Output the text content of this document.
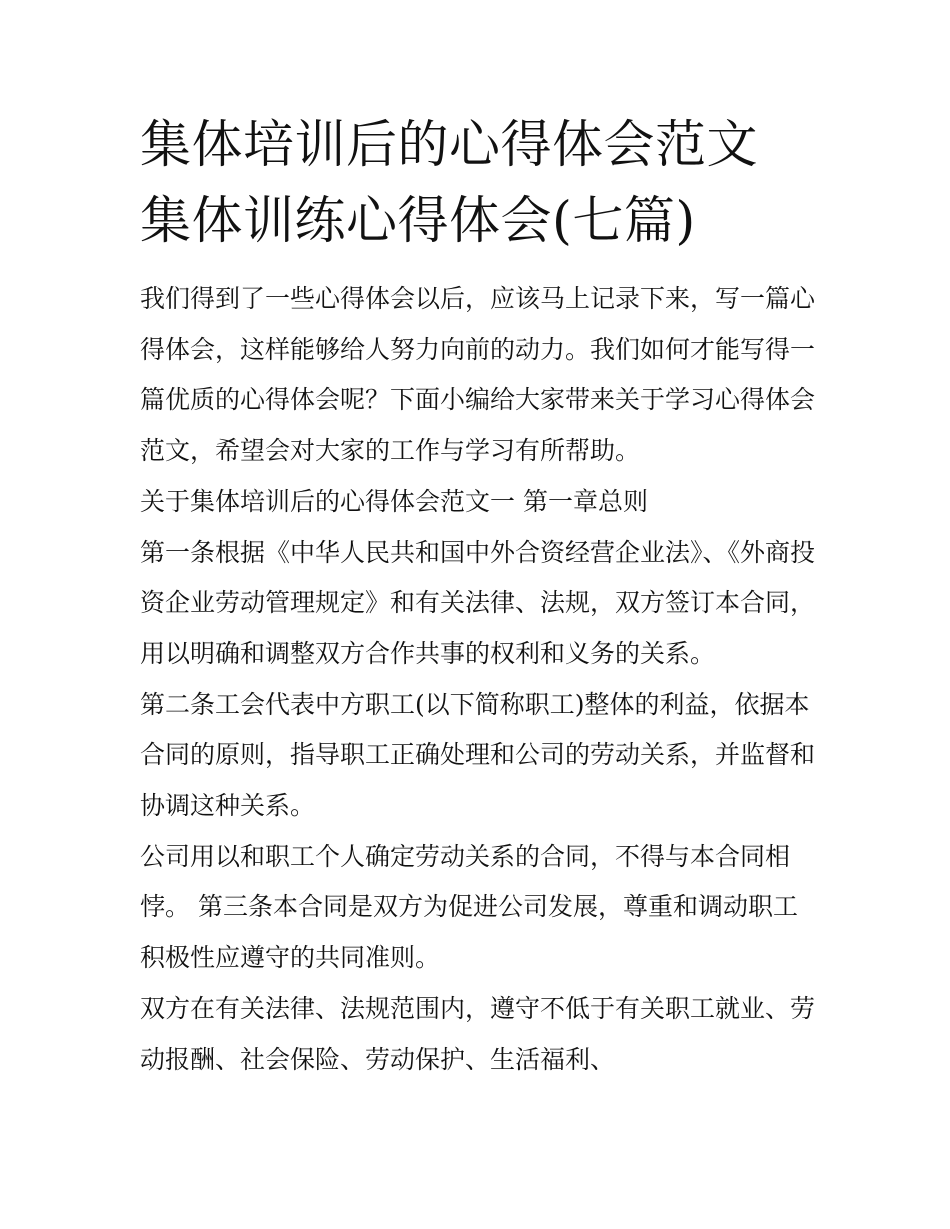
集体培训后的心得体会范文 集体训练心得体会(七篇)

我们得到了一些心得体会以后，应该马上记录下来，写一篇心得体会，这样能够给人努力向前的动力。我们如何才能写得一篇优质的心得体会呢？下面小编给大家带来关于学习心得体会范文，希望会对大家的工作与学习有所帮助。

关于集体培训后的心得体会范文一 第一章总则

第一条根据《中华人民共和国中外合资经营企业法》、《外商投资企业劳动管理规定》和有关法律、法规，双方签订本合同，用以明确和调整双方合作共事的权利和义务的关系。

第二条工会代表中方职工(以下简称职工)整体的利益，依据本合同的原则，指导职工正确处理和公司的劳动关系，并监督和协调这种关系。

公司用以和职工个人确定劳动关系的合同，不得与本合同相悖。 第三条本合同是双方为促进公司发展，尊重和调动职工积极性应遵守的共同准则。

双方在有关法律、法规范围内，遵守不低于有关职工就业、劳动报酬、社会保险、劳动保护、生活福利、
